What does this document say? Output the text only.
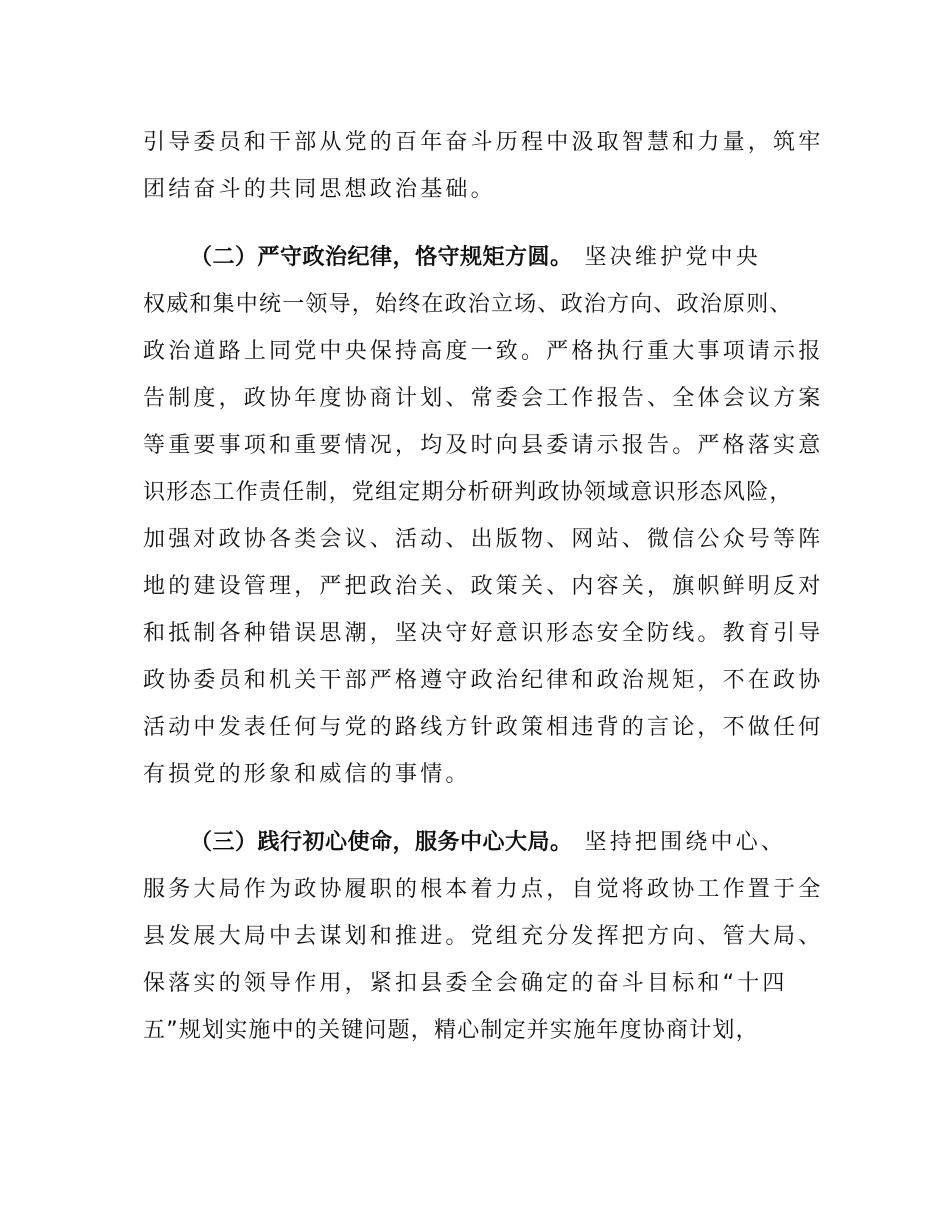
引导委员和干部从党的百年奋斗历程中汲取智慧和力量，筑牢
团结奋斗的共同思想政治基础。
（二）严守政治纪律，恪守规矩方圆。 坚决维护党中央
权威和集中统一领导，始终在政治立场、政治方向、政治原则、
政治道路上同党中央保持高度一致。严格执行重大事项请示报
告制度，政协年度协商计划、常委会工作报告、全体会议方案
等重要事项和重要情况，均及时向县委请示报告。严格落实意
识形态工作责任制，党组定期分析研判政协领域意识形态风险，
加强对政协各类会议、活动、出版物、网站、微信公众号等阵
地的建设管理，严把政治关、政策关、内容关，旗帜鲜明反对
和抵制各种错误思潮，坚决守好意识形态安全防线。教育引导
政协委员和机关干部严格遵守政治纪律和政治规矩，不在政协
活动中发表任何与党的路线方针政策相违背的言论，不做任何
有损党的形象和威信的事情。
（三）践行初心使命，服务中心大局。 坚持把围绕中心、
服务大局作为政协履职的根本着力点，自觉将政协工作置于全
县发展大局中去谋划和推进。党组充分发挥把方向、管大局、
保落实的领导作用，紧扣县委全会确定的奋斗目标和“十四
五”规划实施中的关键问题，精心制定并实施年度协商计划，
